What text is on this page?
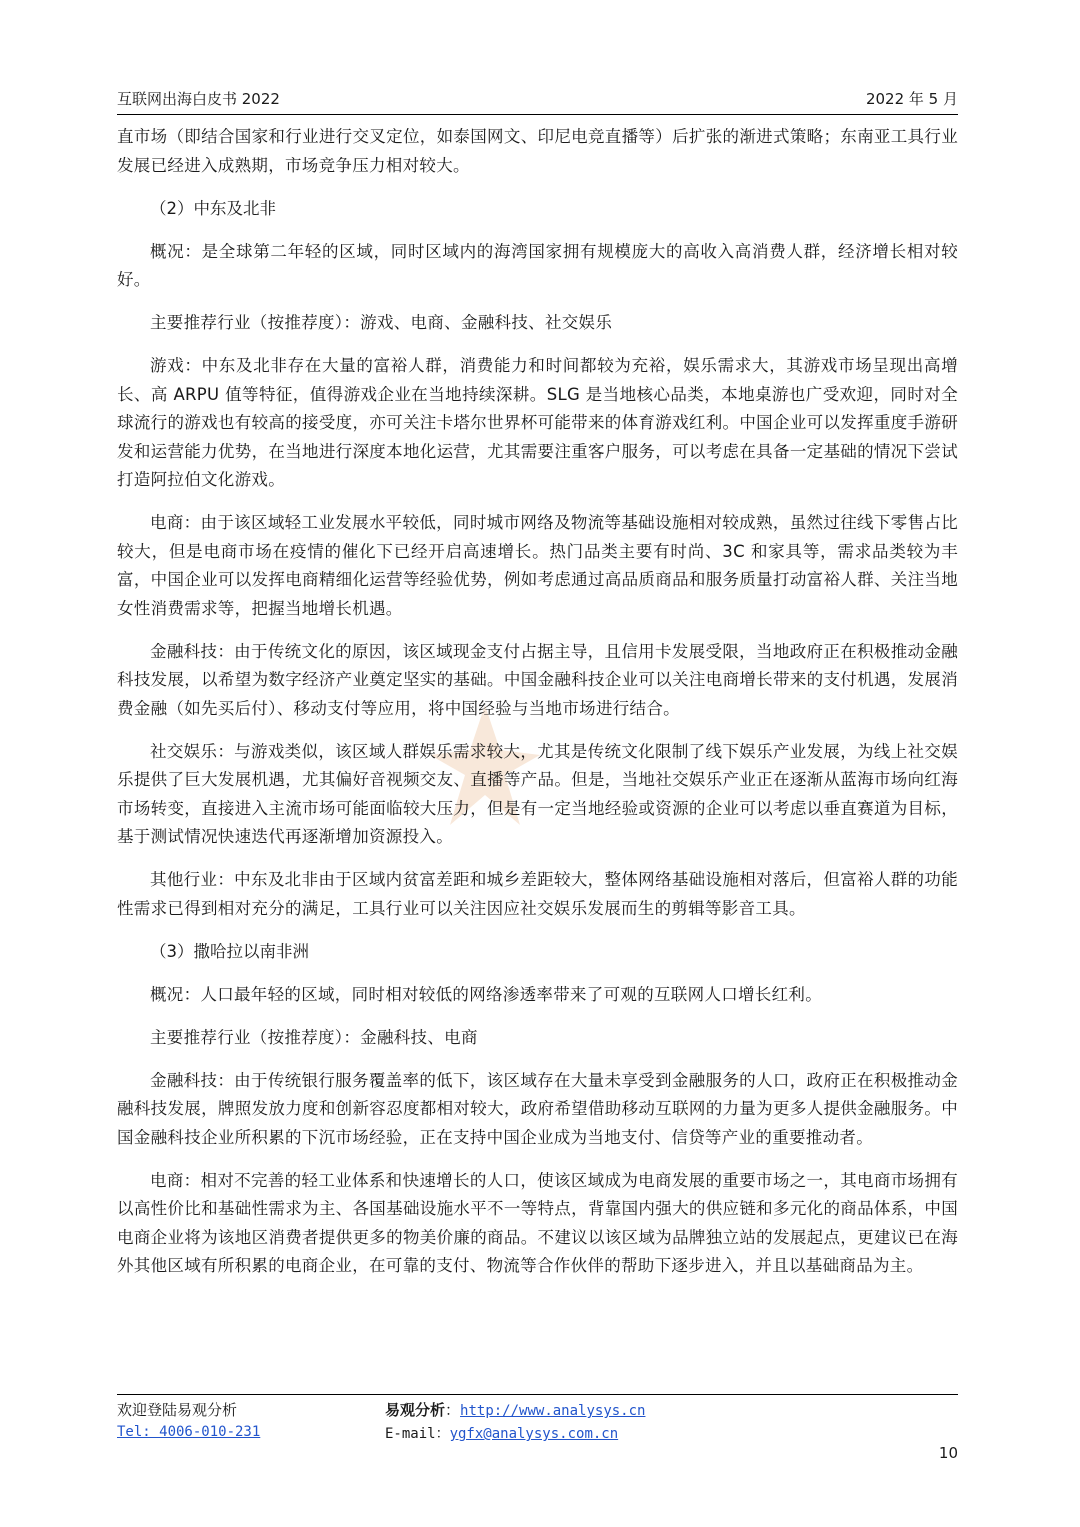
互联网出海白皮书 2022	2022 年 5 月

直市场（即结合国家和行业进行交叉定位，如泰国网文、印尼电竞直播等）后扩张的渐进式策略；东南亚工具行业发展已经进入成熟期，市场竞争压力相对较大。

（2）中东及北非

概况：是全球第二年轻的区域，同时区域内的海湾国家拥有规模庞大的高收入高消费人群，经济增长相对较好。

主要推荐行业（按推荐度）：游戏、电商、金融科技、社交娱乐

游戏：中东及北非存在大量的富裕人群，消费能力和时间都较为充裕，娱乐需求大，其游戏市场呈现出高增长、高 ARPU 值等特征，值得游戏企业在当地持续深耕。SLG 是当地核心品类，本地桌游也广受欢迎，同时对全球流行的游戏也有较高的接受度，亦可关注卡塔尔世界杯可能带来的体育游戏红利。中国企业可以发挥重度手游研发和运营能力优势，在当地进行深度本地化运营，尤其需要注重客户服务，可以考虑在具备一定基础的情况下尝试打造阿拉伯文化游戏。

电商：由于该区域轻工业发展水平较低，同时城市网络及物流等基础设施相对较成熟，虽然过往线下零售占比较大，但是电商市场在疫情的催化下已经开启高速增长。热门品类主要有时尚、3C 和家具等，需求品类较为丰富，中国企业可以发挥电商精细化运营等经验优势，例如考虑通过高品质商品和服务质量打动富裕人群、关注当地女性消费需求等，把握当地增长机遇。

金融科技：由于传统文化的原因，该区域现金支付占据主导，且信用卡发展受限，当地政府正在积极推动金融科技发展，以希望为数字经济产业奠定坚实的基础。中国金融科技企业可以关注电商增长带来的支付机遇，发展消费金融（如先买后付）、移动支付等应用，将中国经验与当地市场进行结合。

社交娱乐：与游戏类似，该区域人群娱乐需求较大，尤其是传统文化限制了线下娱乐产业发展，为线上社交娱乐提供了巨大发展机遇，尤其偏好音视频交友、直播等产品。但是，当地社交娱乐产业正在逐渐从蓝海市场向红海市场转变，直接进入主流市场可能面临较大压力，但是有一定当地经验或资源的企业可以考虑以垂直赛道为目标，基于测试情况快速迭代再逐渐增加资源投入。

其他行业：中东及北非由于区域内贫富差距和城乡差距较大，整体网络基础设施相对落后，但富裕人群的功能性需求已得到相对充分的满足，工具行业可以关注因应社交娱乐发展而生的剪辑等影音工具。

（3）撒哈拉以南非洲

概况：人口最年轻的区域，同时相对较低的网络渗透率带来了可观的互联网人口增长红利。

主要推荐行业（按推荐度）：金融科技、电商

金融科技：由于传统银行服务覆盖率的低下，该区域存在大量未享受到金融服务的人口，政府正在积极推动金融科技发展，牌照发放力度和创新容忍度都相对较大，政府希望借助移动互联网的力量为更多人提供金融服务。中国金融科技企业所积累的下沉市场经验，正在支持中国企业成为当地支付、信贷等产业的重要推动者。

电商：相对不完善的轻工业体系和快速增长的人口，使该区域成为电商发展的重要市场之一，其电商市场拥有以高性价比和基础性需求为主、各国基础设施水平不一等特点，背靠国内强大的供应链和多元化的商品体系，中国电商企业将为该地区消费者提供更多的物美价廉的商品。不建议以该区域为品牌独立站的发展起点，更建议已在海外其他区域有所积累的电商企业，在可靠的支付、物流等合作伙伴的帮助下逐步进入，并且以基础商品为主。

欢迎登陆易观分析
Tel: 4006-010-231
易观分析：http://www.analysys.cn
E-mail：ygfx@analysys.com.cn
10
